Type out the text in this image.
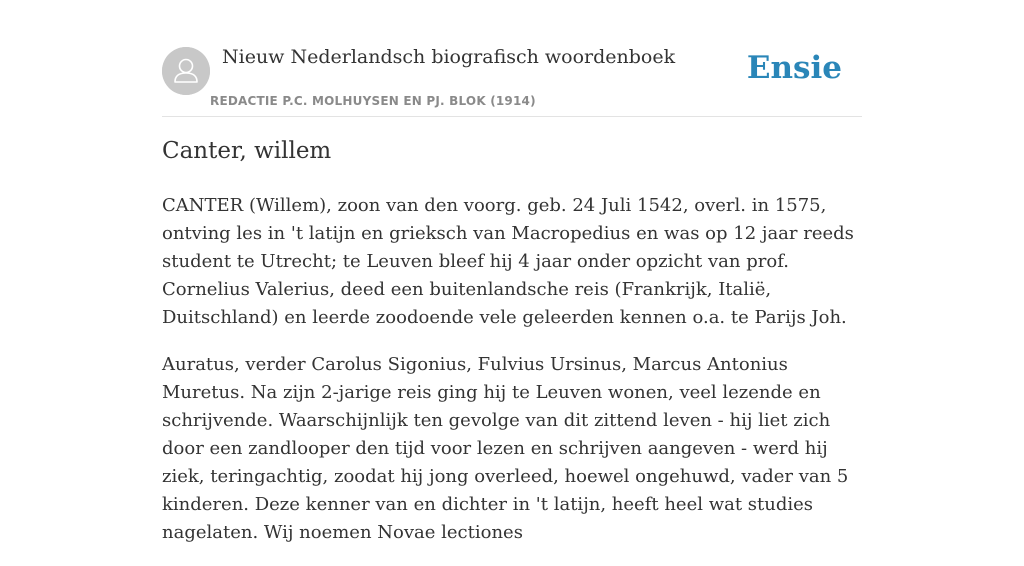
Nieuw Nederlandsch biografisch woordenboek
REDACTIE P.C. MOLHUYSEN EN PJ. BLOK (1914)
Ensie
Canter, willem

CANTER (Willem), zoon van den voorg. geb. 24 Juli 1542, overl. in 1575, ontving les in 't latijn en grieksch van Macropedius en was op 12 jaar reeds student te Utrecht; te Leuven bleef hij 4 jaar onder opzicht van prof. Cornelius Valerius, deed een buitenlandsche reis (Frankrijk, Italië, Duitschland) en leerde zoodoende vele geleerden kennen o.a. te Parijs Joh.

Auratus, verder Carolus Sigonius, Fulvius Ursinus, Marcus Antonius Muretus. Na zijn 2-jarige reis ging hij te Leuven wonen, veel lezende en schrijvende. Waarschijnlijk ten gevolge van dit zittend leven - hij liet zich door een zandlooper den tijd voor lezen en schrijven aangeven - werd hij ziek, teringachtig, zoodat hij jong overleed, hoewel ongehuwd, vader van 5 kinderen. Deze kenner van en dichter in 't latijn, heeft heel wat studies nagelaten. Wij noemen Novae lectiones
